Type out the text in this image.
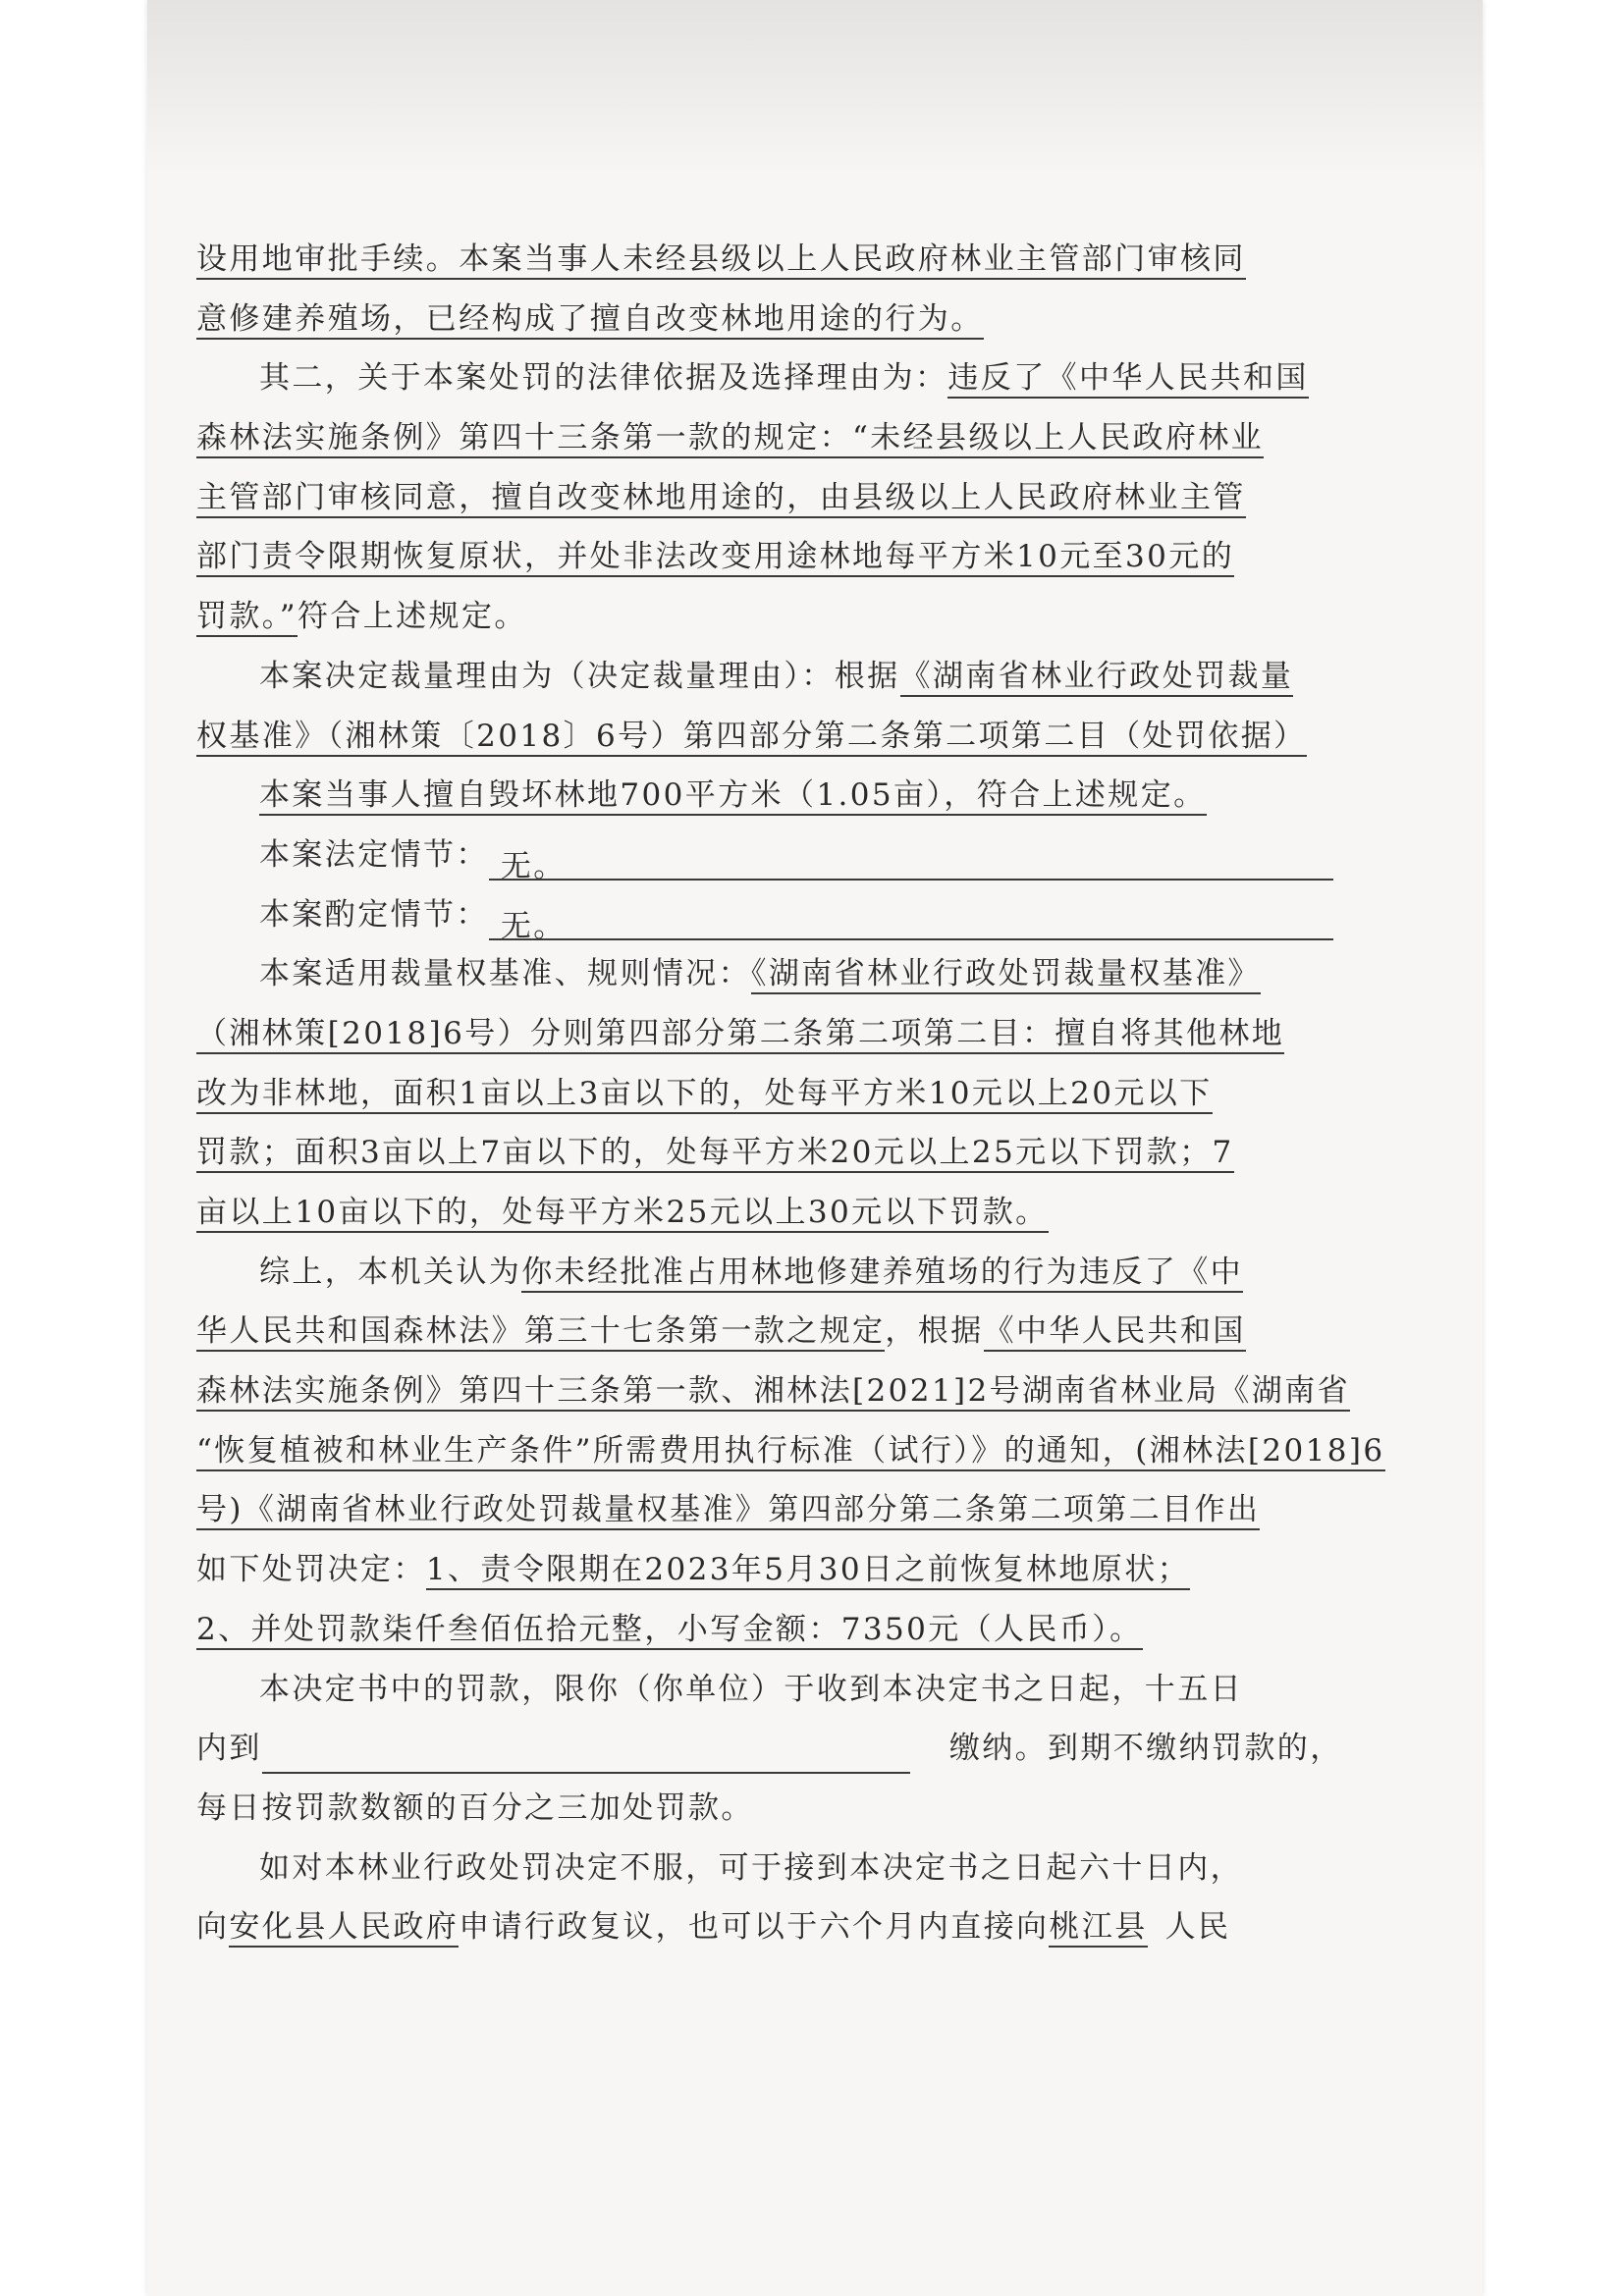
设用地审批手续。本案当事人未经县级以上人民政府林业主管部门审核同
意修建养殖场，已经构成了擅自改变林地用途的行为。
其二，关于本案处罚的法律依据及选择理由为：违反了《中华人民共和国
森林法实施条例》第四十三条第一款的规定：“未经县级以上人民政府林业
主管部门审核同意，擅自改变林地用途的，由县级以上人民政府林业主管
部门责令限期恢复原状，并处非法改变用途林地每平方米10元至30元的
罚款。”符合上述规定。
本案决定裁量理由为（决定裁量理由）：根据《湖南省林业行政处罚裁量
权基准》（湘林策〔2018〕6号）第四部分第二条第二项第二目（处罚依据）
本案当事人擅自毁坏林地700平方米（1.05亩），符合上述规定。
本案法定情节： 无。
本案酌定情节： 无。
本案适用裁量权基准、规则情况：《湖南省林业行政处罚裁量权基准》
（湘林策[2018]6号）分则第四部分第二条第二项第二目：擅自将其他林地
改为非林地，面积1亩以上3亩以下的，处每平方米10元以上20元以下
罚款；面积3亩以上7亩以下的，处每平方米20元以上25元以下罚款；7
亩以上10亩以下的，处每平方米25元以上30元以下罚款。
综上，本机关认为你未经批准占用林地修建养殖场的行为违反了《中
华人民共和国森林法》第三十七条第一款之规定，根据《中华人民共和国
森林法实施条例》第四十三条第一款、湘林法[2021]2号湖南省林业局《湖南省
“恢复植被和林业生产条件”所需费用执行标准（试行）》的通知，(湘林法[2018]6
号)《湖南省林业行政处罚裁量权基准》第四部分第二条第二项第二目作出
如下处罚决定：1、责令限期在2023年5月30日之前恢复林地原状；
2、并处罚款柒仟叁佰伍拾元整，小写金额：7350元（人民币）。
本决定书中的罚款，限你（你单位）于收到本决定书之日起，十五日
内到	缴纳。到期不缴纳罚款的，
每日按罚款数额的百分之三加处罚款。
如对本林业行政处罚决定不服，可于接到本决定书之日起六十日内，
向安化县人民政府申请行政复议，也可以于六个月内直接向桃江县 人民
